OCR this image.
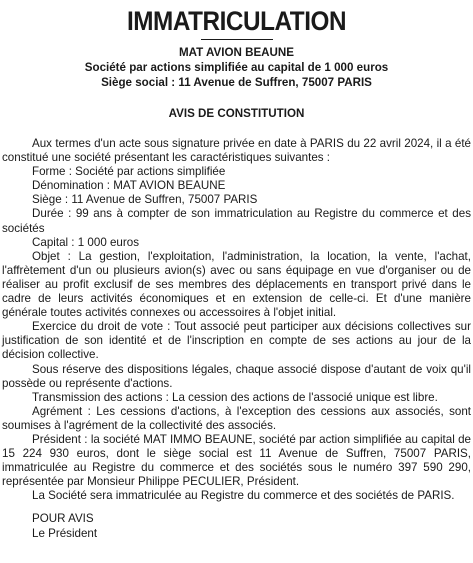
IMMATRICULATION

MAT AVION BEAUNE

Société par actions simplifiée au capital de 1 000 euros

Siège social : 11 Avenue de Suffren, 75007 PARIS

AVIS DE CONSTITUTION

Aux termes d'un acte sous signature privée en date à PARIS du 22 avril 2024, il a été constitué une société présentant les caractéristiques suivantes :

Forme : Société par actions simplifiée

Dénomination : MAT AVION BEAUNE

Siège : 11 Avenue de Suffren, 75007 PARIS

Durée : 99 ans à compter de son immatriculation au Registre du commerce et des sociétés

Capital : 1 000 euros

Objet : La gestion, l'exploitation, l'administration, la location, la vente, l'achat, l'affrètement d'un ou plusieurs avion(s) avec ou sans équipage en vue d'organiser ou de réaliser au profit exclusif de ses membres des déplacements en transport privé dans le cadre de leurs activités économiques et en extension de celle-ci. Et d'une manière générale toutes activités connexes ou accessoires à l'objet initial.

Exercice du droit de vote : Tout associé peut participer aux décisions collectives sur justification de son identité et de l'inscription en compte de ses actions au jour de la décision collective.

Sous réserve des dispositions légales, chaque associé dispose d'autant de voix qu'il possède ou représente d'actions.

Transmission des actions : La cession des actions de l'associé unique est libre.

Agrément : Les cessions d'actions, à l'exception des cessions aux associés, sont soumises à l'agrément de la collectivité des associés.

Président : la société MAT IMMO BEAUNE, société par action simplifiée au capital de 15 224 930 euros, dont le siège social est 11 Avenue de Suffren, 75007 PARIS, immatriculée au Registre du commerce et des sociétés sous le numéro 397 590 290, représentée par Monsieur Philippe PECULIER, Président.

La Société sera immatriculée au Registre du commerce et des sociétés de PARIS.

POUR AVIS

Le Président
